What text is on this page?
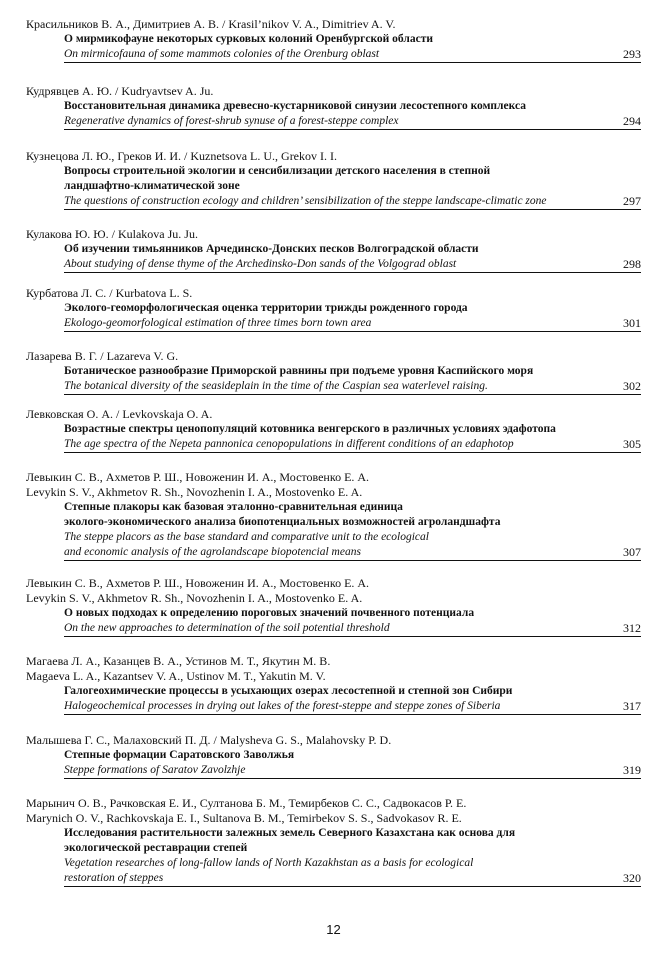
Красильников В. А., Димитриев А. В. / Krasil’nikov V. A., Dimitriev A. V.
О мирмикофауне некоторых сурковых колоний Оренбургской области
On mirmicofauna of some mammots colonies of the Orenburg oblast	293
Кудрявцев А. Ю. / Kudryavtsev A. Ju.
Восстановительная динамика древесно-кустарниковой синузии лесостепного комплекса
Regenerative dynamics of forest-shrub synuse of a forest-steppe complex	294
Кузнецова Л. Ю., Греков И. И. / Kuznetsova L. U., Grekov I. I.
Вопросы строительной экологии и сенсибилизации детского населения в степной
ландшафтно-климатической зоне
The questions of construction ecology and children’ sensibilization of the steppe landscape-climatic zone	297
Кулакова Ю. Ю. / Kulakova Ju. Ju.
Об изучении тимьянников Арчединско-Донских песков Волгоградской области
About studying of dense thyme of the Archedinsko-Don sands of the Volgograd oblast	298
Курбатова Л. С. / Kurbatova L. S.
Эколого-геоморфологическая оценка территории трижды рожденного города
Ekologo-geomorfological estimation of three times born town area	301
Лазарева В. Г. / Lazareva V. G.
Ботаническое разнообразие Приморской равнины при подъеме уровня Каспийского моря
The botanical diversity of the seasideplain in the time of the Caspian sea waterlevel raising.	302
Левковская О. А. / Levkovskaja O. A.
Возрастные спектры ценопопуляций котовника венгерского в различных условиях эдафотопа
The age spectra of the Nepeta pannonica cenopopulations in different conditions of an edaphotop	305
Левыкин С. В., Ахметов Р. Ш., Новоженин И. А., Мостовенко Е. А.
Levykin S. V., Akhmetov R. Sh., Novozhenin I. A., Mostovenko E. A.
Степные плакоры как базовая эталонно-сравнительная единица
эколого-экономического анализа биопотенциальных возможностей агроландшафта
The steppe placors as the base standard and comparative unit to the ecological
and economic analysis of the agrolandscape biopotencial means	307
Левыкин С. В., Ахметов Р. Ш., Новоженин И. А., Мостовенко Е. А.
Levykin S. V., Akhmetov R. Sh., Novozhenin I. A., Mostovenko E. A.
О новых подходах к определению пороговых значений почвенного потенциала
On the new approaches to determination of the soil potential threshold	312
Магаева Л. А., Казанцев В. А., Устинов М. Т., Якутин М. В.
Magaeva L. A., Kazantsev V. A., Ustinov M. T., Yakutin M. V.
Галогеохимические процессы в усыхающих озерах лесостепной и степной зон Сибири
Halogeochemical processes in drying out lakes of the forest-steppe and steppe zones of Siberia	317
Малышева Г. С., Малаховский П. Д. / Malysheva G. S., Malahovsky P. D.
Степные формации Саратовского Заволжья
Steppe formations of Saratov Zavolzhje	319
Марынич О. В., Рачковская Е. И., Султанова Б. М., Темирбеков С. С., Садвокасов Р. Е.
Marynich O. V., Rachkovskaja E. I., Sultanova B. M., Temirbekov S. S., Sadvokasov R. E.
Исследования растительности залежных земель Северного Казахстана как основа для
экологической реставрации степей
Vegetation researches of long-fallow lands of North Kazakhstan as a basis for ecological
restoration of steppes	320
12
